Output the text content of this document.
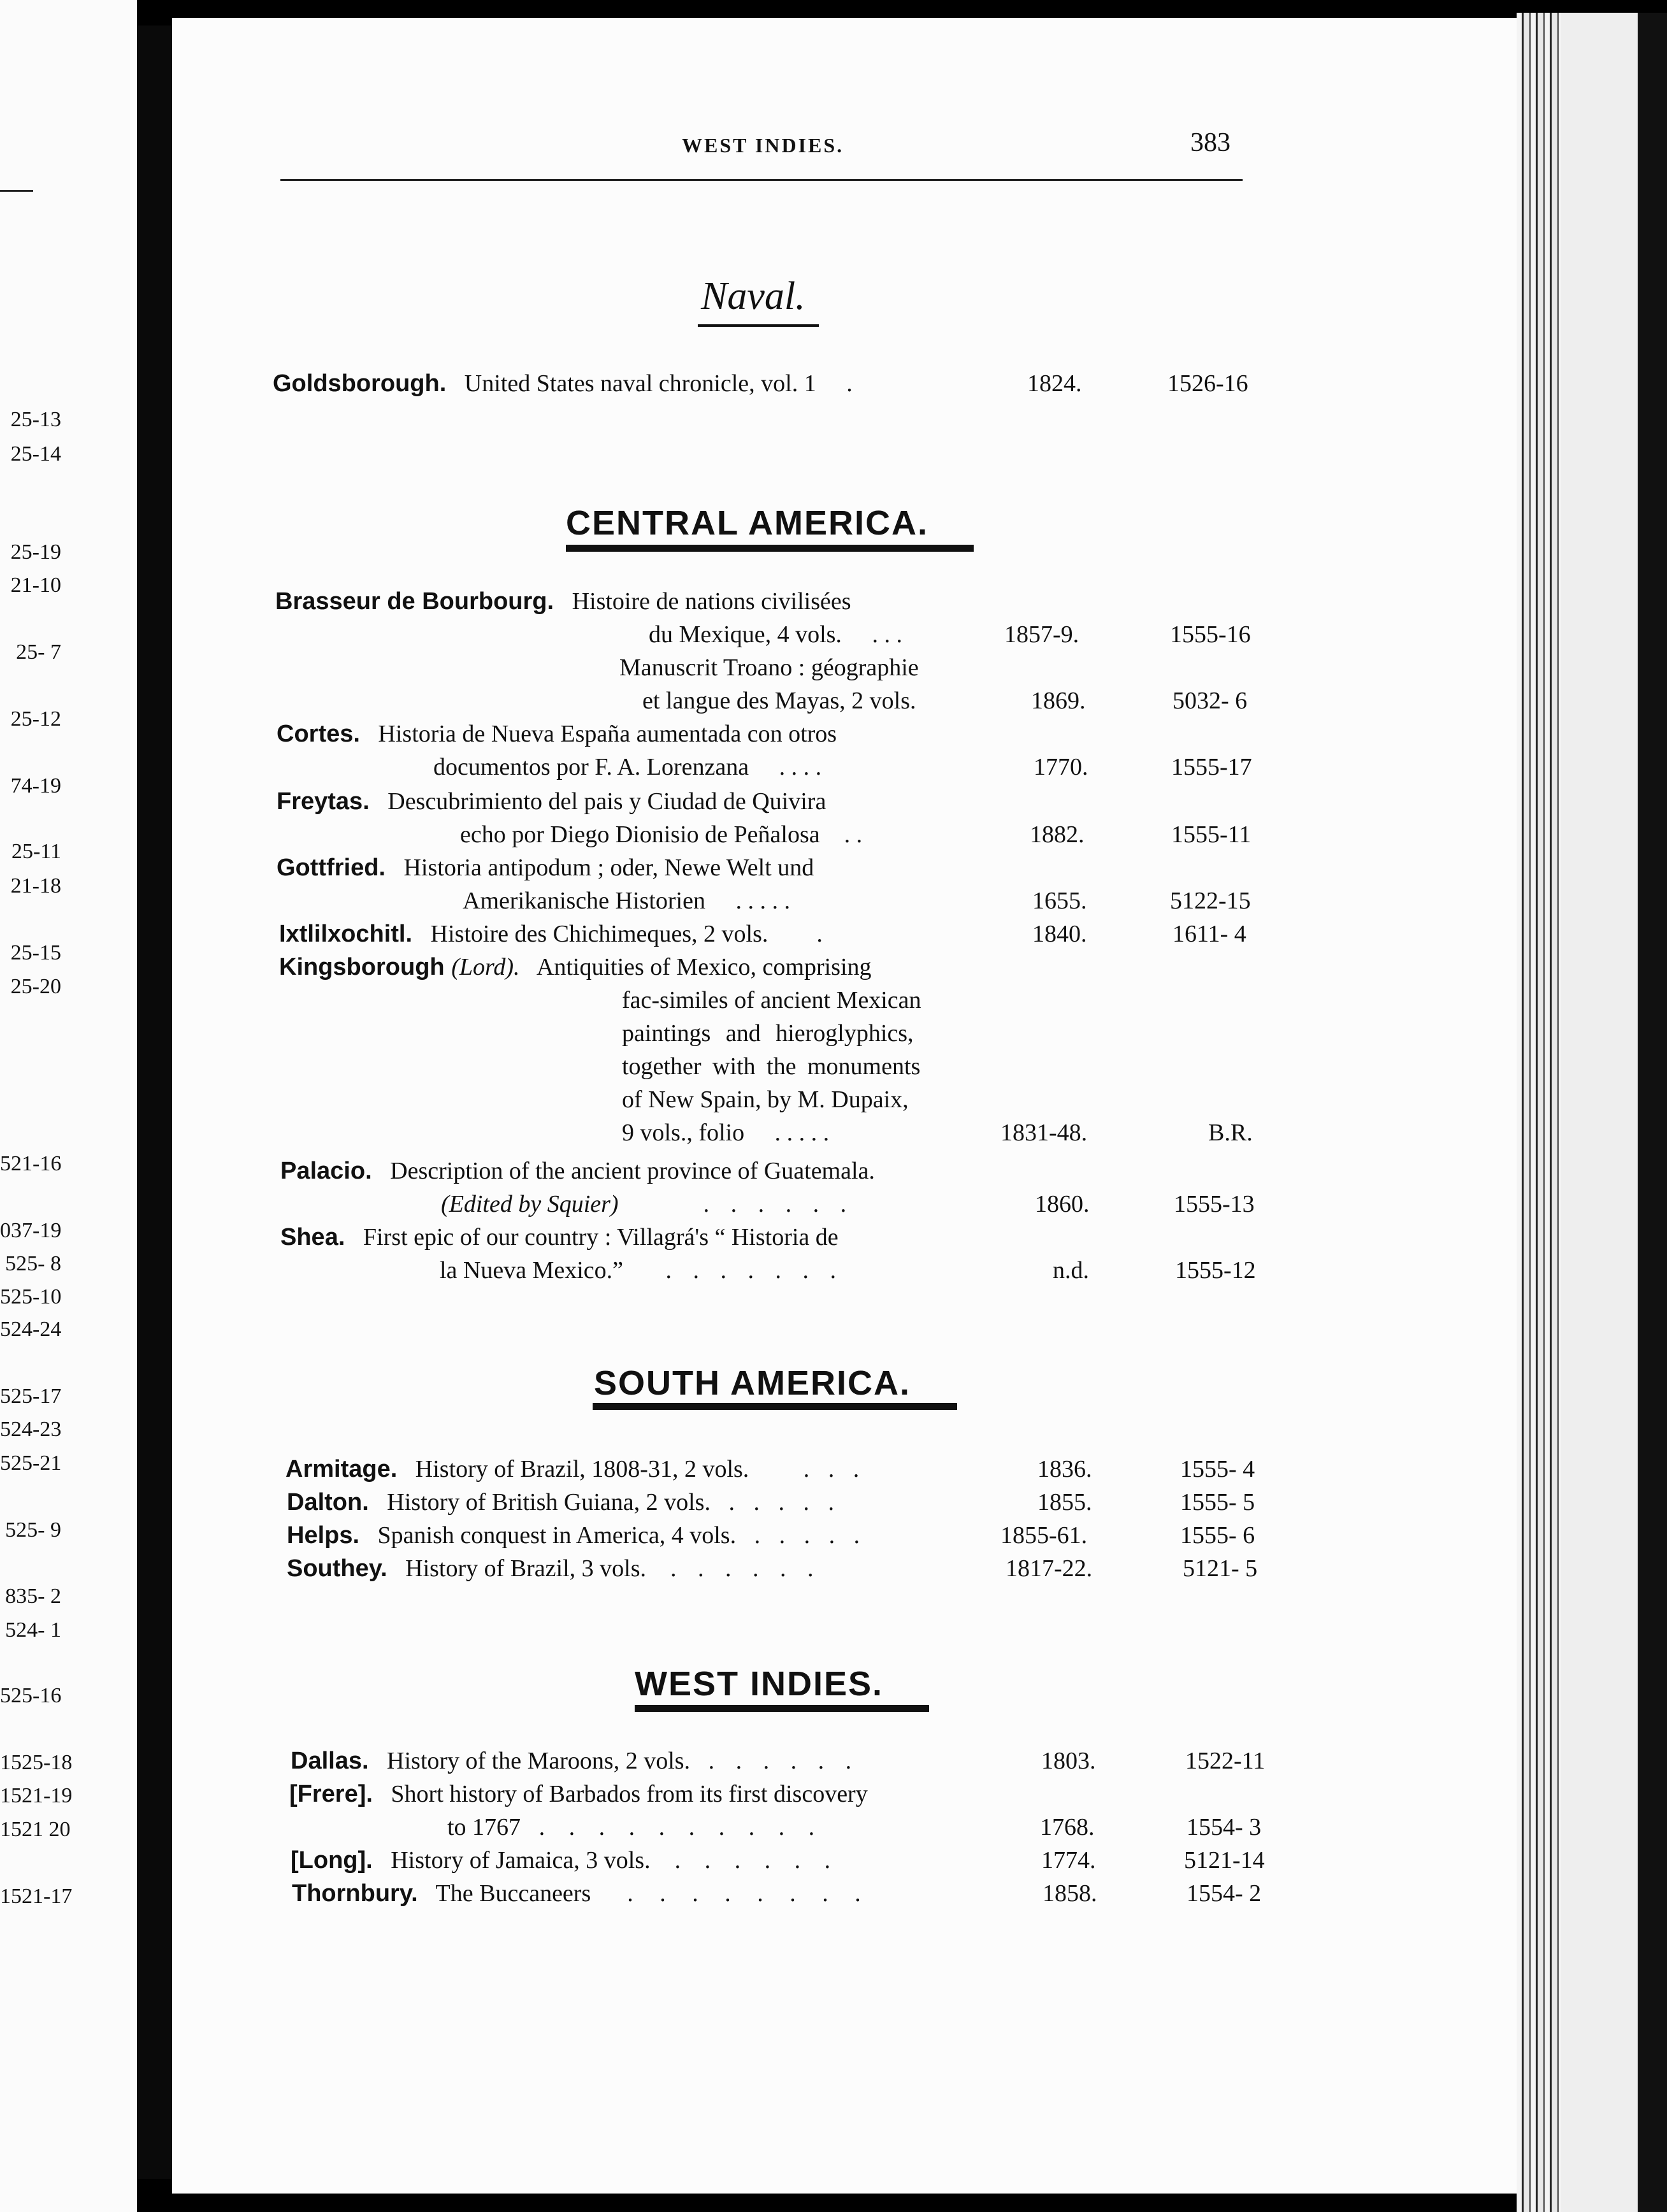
25-13
25-14
25-19
21-10
25- 7
25-12
74-19
25-11
21-18
25-15
25-20
521-16
037-19
525- 8
525-10
524-24
525-17
524-23
525-21
525- 9
835- 2
524- 1
525-16
1525-18
1521-19
1521 20
1521-17
WEST INDIES.	383
Naval.
Goldsborough. United States naval chronicle, vol. 1 .	1824.	1526-16
CENTRAL AMERICA.
Brasseur de Bourbourg. Histoire de nations civilisées
du Mexique, 4 vols. . . .	1857-9.	1555-16
Manuscrit Troano : géographie
et langue des Mayas, 2 vols.	1869.	5032- 6
Cortes. Historia de Nueva España aumentada con otros
documentos por F. A. Lorenzana . . . .	1770.	1555-17
Freytas. Descubrimiento del pais y Ciudad de Quivira
echo por Diego Dionisio de Peñalosa . .	1882.	1555-11
Gottfried. Historia antipodum ; oder, Newe Welt und
Amerikanische Historien . . . . .	1655.	5122-15
Ixtlilxochitl. Histoire des Chichimeques, 2 vols. .	1840.	1611- 4
Kingsborough (Lord). Antiquities of Mexico, comprising
fac-similes of ancient Mexican
paintings and hieroglyphics,
together with the monuments
of New Spain, by M. Dupaix,
9 vols., folio . . . . .	1831-48.	B.R.
Palacio. Description of the ancient province of Guatemala.
(Edited by Squier)	. . . . . .	1860.	1555-13
Shea. First epic of our country : Villagrá's “ Historia de
la Nueva Mexico.” . . . . . . .	n.d.	1555-12
SOUTH AMERICA.
Armitage. History of Brazil, 1808-31, 2 vols. . . .	1836.	1555- 4
Dalton. History of British Guiana, 2 vols. . . . . .	1855.	1555- 5
Helps. Spanish conquest in America, 4 vols. . . . . .	1855-61.	1555- 6
Southey. History of Brazil, 3 vols. . . . . . .	1817-22.	5121- 5
WEST INDIES.
Dallas. History of the Maroons, 2 vols. . . . . . .	1803.	1522-11
[Frere]. Short history of Barbados from its first discovery
to 1767 . . . . . . . . . .	1768.	1554- 3
[Long]. History of Jamaica, 3 vols. . . . . . .	1774.	5121-14
Thornbury. The Buccaneers . . . . . . . .	1858.	1554- 2
